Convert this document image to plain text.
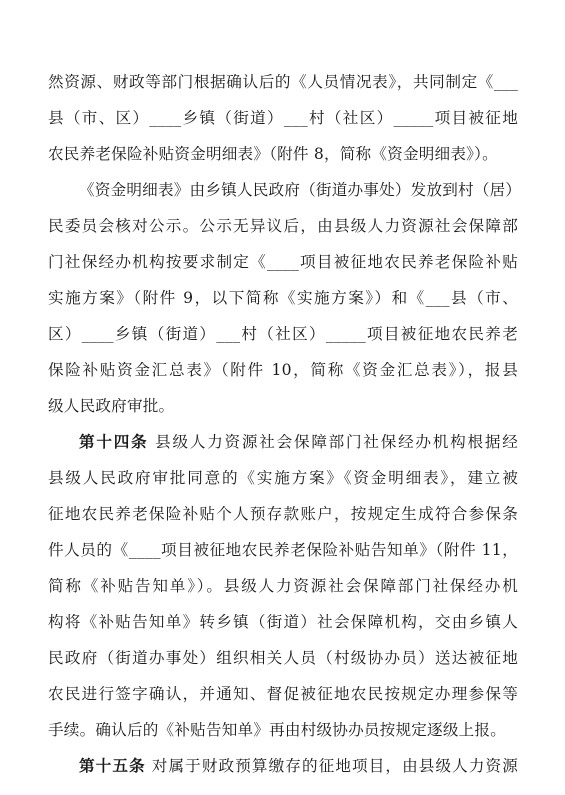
然资源、财政等部门根据确认后的《人员情况表》，共同制定《___
县（市、区）____乡镇（街道）___村（社区）_____项目被征地
农民养老保险补贴资金明细表》（附件 8，简称《资金明细表》）。
《资金明细表》由乡镇人民政府（街道办事处）发放到村（居）
民委员会核对公示。公示无异议后，由县级人力资源社会保障部
门社保经办机构按要求制定《____项目被征地农民养老保险补贴
实施方案》（附件 9，以下简称《实施方案》）和《___县（市、
区）____乡镇（街道）___村（社区）_____项目被征地农民养老
保险补贴资金汇总表》（附件 10，简称《资金汇总表》），报县
级人民政府审批。
第十四条 县级人力资源社会保障部门社保经办机构根据经
县级人民政府审批同意的《实施方案》《资金明细表》，建立被
征地农民养老保险补贴个人预存款账户，按规定生成符合参保条
件人员的《____项目被征地农民养老保险补贴告知单》（附件 11，
简称《补贴告知单》）。县级人力资源社会保障部门社保经办机
构将《补贴告知单》转乡镇（街道）社会保障机构，交由乡镇人
民政府（街道办事处）组织相关人员（村级协办员）送达被征地
农民进行签字确认，并通知、督促被征地农民按规定办理参保等
手续。确认后的《补贴告知单》再由村级协办员按规定逐级上报。
第十五条 对属于财政预算缴存的征地项目，由县级人力资源
